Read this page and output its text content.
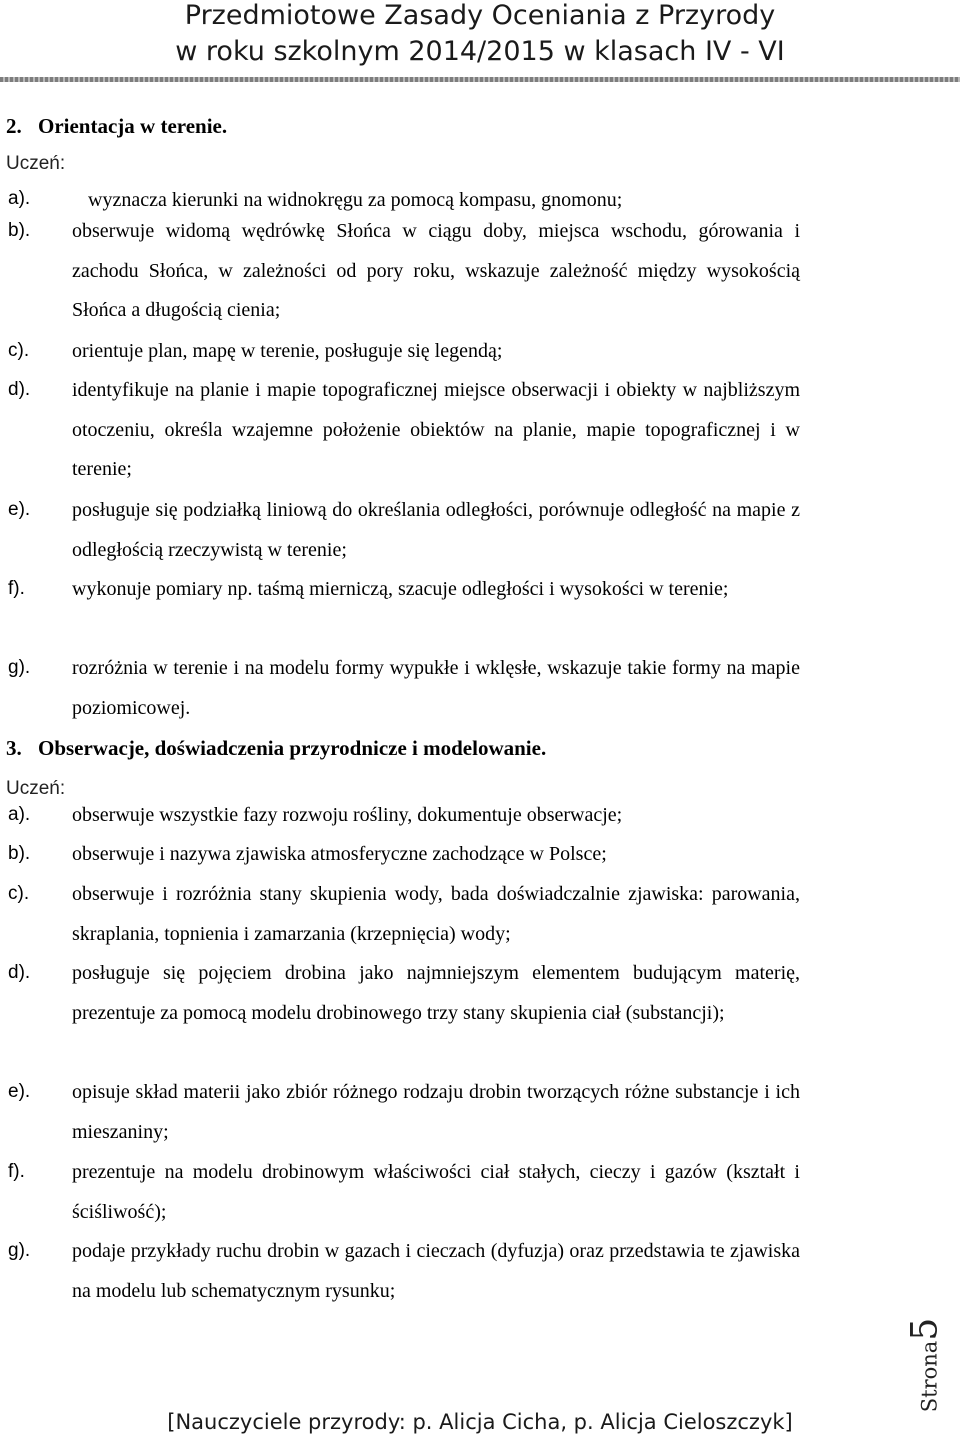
Przedmiotowe Zasady Oceniania z Przyrody
w roku szkolnym 2014/2015 w klasach IV - VI
2. Orientacja w terenie.
Uczeń:
a).	wyznacza kierunki na widnokręgu za pomocą kompasu, gnomonu;
b). obserwuje widomą wędrówkę Słońca w ciągu doby, miejsca wschodu, górowania i zachodu Słońca, w zależności od pory roku, wskazuje zależność między wysokością Słońca a długością cienia;
c). orientuje plan, mapę w terenie, posługuje się legendą;
d). identyfikuje na planie i mapie topograficznej miejsce obserwacji i obiekty w najbliższym otoczeniu, określa wzajemne położenie obiektów na planie, mapie topograficznej i w terenie;
e). posługuje się podziałką liniową do określania odległości, porównuje odległość na mapie z odległością rzeczywistą w terenie;
f). wykonuje pomiary np. taśmą mierniczą, szacuje odległości i wysokości w terenie;
g). rozróżnia w terenie i na modelu formy wypukłe i wklęsłe, wskazuje takie formy na mapie poziomicowej.
3. Obserwacje, doświadczenia przyrodnicze i modelowanie.
Uczeń:
a). obserwuje wszystkie fazy rozwoju rośliny, dokumentuje obserwacje;
b). obserwuje i nazywa zjawiska atmosferyczne zachodzące w Polsce;
c). obserwuje i rozróżnia stany skupienia wody, bada doświadczalnie zjawiska: parowania, skraplania, topnienia i zamarzania (krzepnięcia) wody;
d). posługuje się pojęciem drobina jako najmniejszym elementem budującym materię, prezentuje za pomocą modelu drobinowego trzy stany skupienia ciał (substancji);
e). opisuje skład materii jako zbiór różnego rodzaju drobin tworzących różne substancje i ich mieszaniny;
f). prezentuje na modelu drobinowym właściwości ciał stałych, cieczy i gazów (kształt i ściśliwość);
g). podaje przykłady ruchu drobin w gazach i cieczach (dyfuzja) oraz przedstawia te zjawiska na modelu lub schematycznym rysunku;
Strona5
[Nauczyciele przyrody: p. Alicja Cicha, p. Alicja Cieloszczyk]
